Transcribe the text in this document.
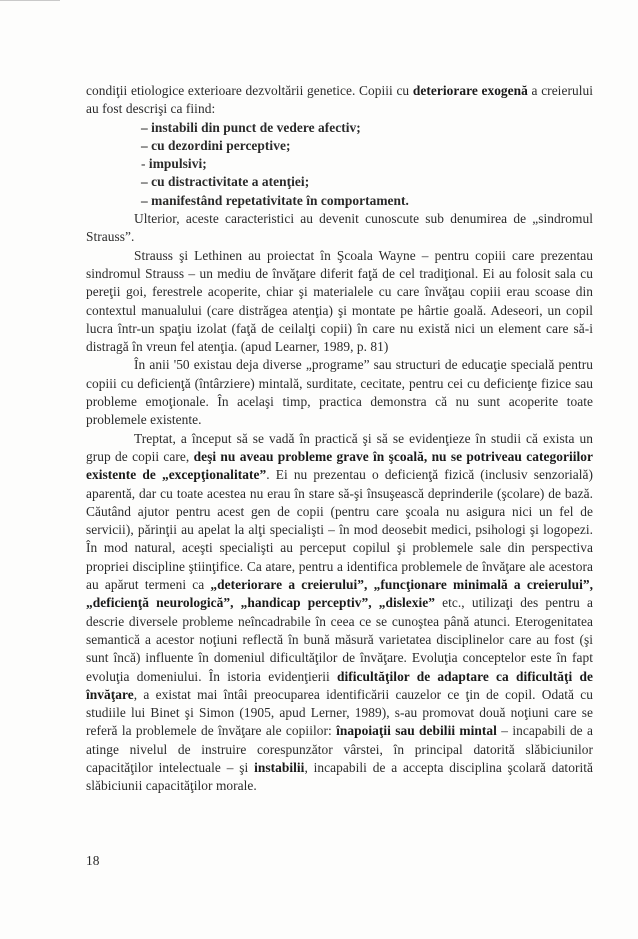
condiţii etiologice exterioare dezvoltării genetice. Copiii cu deteriorare exogenă a creierului au fost descrişi ca fiind:

– instabili din punct de vedere afectiv;
– cu dezordini perceptive;
- impulsivi;
– cu distractivitate a atenţiei;
– manifestând repetativitate în comportament.

Ulterior, aceste caracteristici au devenit cunoscute sub denumirea de „sindromul Strauss”.

Strauss şi Lethinen au proiectat în Şcoala Wayne – pentru copiii care prezentau sindromul Strauss – un mediu de învăţare diferit faţă de cel tradiţional. Ei au folosit sala cu pereţii goi, ferestrele acoperite, chiar şi materialele cu care învăţau copiii erau scoase din contextul manualului (care distrăgea atenţia) şi montate pe hârtie goală. Adeseori, un copil lucra într-un spaţiu izolat (faţă de ceilalţi copii) în care nu există nici un element care să-i distragă în vreun fel atenţia. (apud Learner, 1989, p. 81)

În anii '50 existau deja diverse „programe” sau structuri de educaţie specială pentru copiii cu deficienţă (întârziere) mintală, surditate, cecitate, pentru cei cu deficienţe fizice sau probleme emoţionale. În acelaşi timp, practica demonstra că nu sunt acoperite toate problemele existente.

Treptat, a început să se vadă în practică şi să se evidenţieze în studii că exista un grup de copii care, deşi nu aveau probleme grave în şcoală, nu se potriveau categoriilor existente de „excepţionalitate”. Ei nu prezentau o deficienţă fizică (inclusiv senzorială) aparentă, dar cu toate acestea nu erau în stare să-şi însuşească deprinderile (şcolare) de bază. Căutând ajutor pentru acest gen de copii (pentru care şcoala nu asigura nici un fel de servicii), părinţii au apelat la alţi specialişti – în mod deosebit medici, psihologi şi logopezi. În mod natural, aceşti specialişti au perceput copilul şi problemele sale din perspectiva propriei discipline ştiinţifice. Ca atare, pentru a identifica problemele de învăţare ale acestora au apărut termeni ca „deteriorare a creierului”, „funcţionare minimală a creierului”, „deficienţă neurologică”, „handicap perceptiv”, „dislexie” etc., utilizaţi des pentru a descrie diversele probleme neîncadrabile în ceea ce se cunoştea până atunci. Eterogenitatea semantică a acestor noţiuni reflectă în bună măsură varietatea disciplinelor care au fost (şi sunt încă) influente în domeniul dificultăţilor de învăţare. Evoluţia conceptelor este în fapt evoluţia domeniului. În istoria evidenţierii dificultăţilor de adaptare ca dificultăţi de învăţare, a existat mai întâi preocuparea identificării cauzelor ce ţin de copil. Odată cu studiile lui Binet şi Simon (1905, apud Lerner, 1989), s-au promovat două noţiuni care se referă la problemele de învăţare ale copiilor: înapoiaţii sau debilii mintal – incapabili de a atinge nivelul de instruire corespunzător vârstei, în principal datorită slăbiciunilor capacităţilor intelectuale – şi instabilii, incapabili de a accepta disciplina şcolară datorită slăbiciunii capacităţilor morale.

18
